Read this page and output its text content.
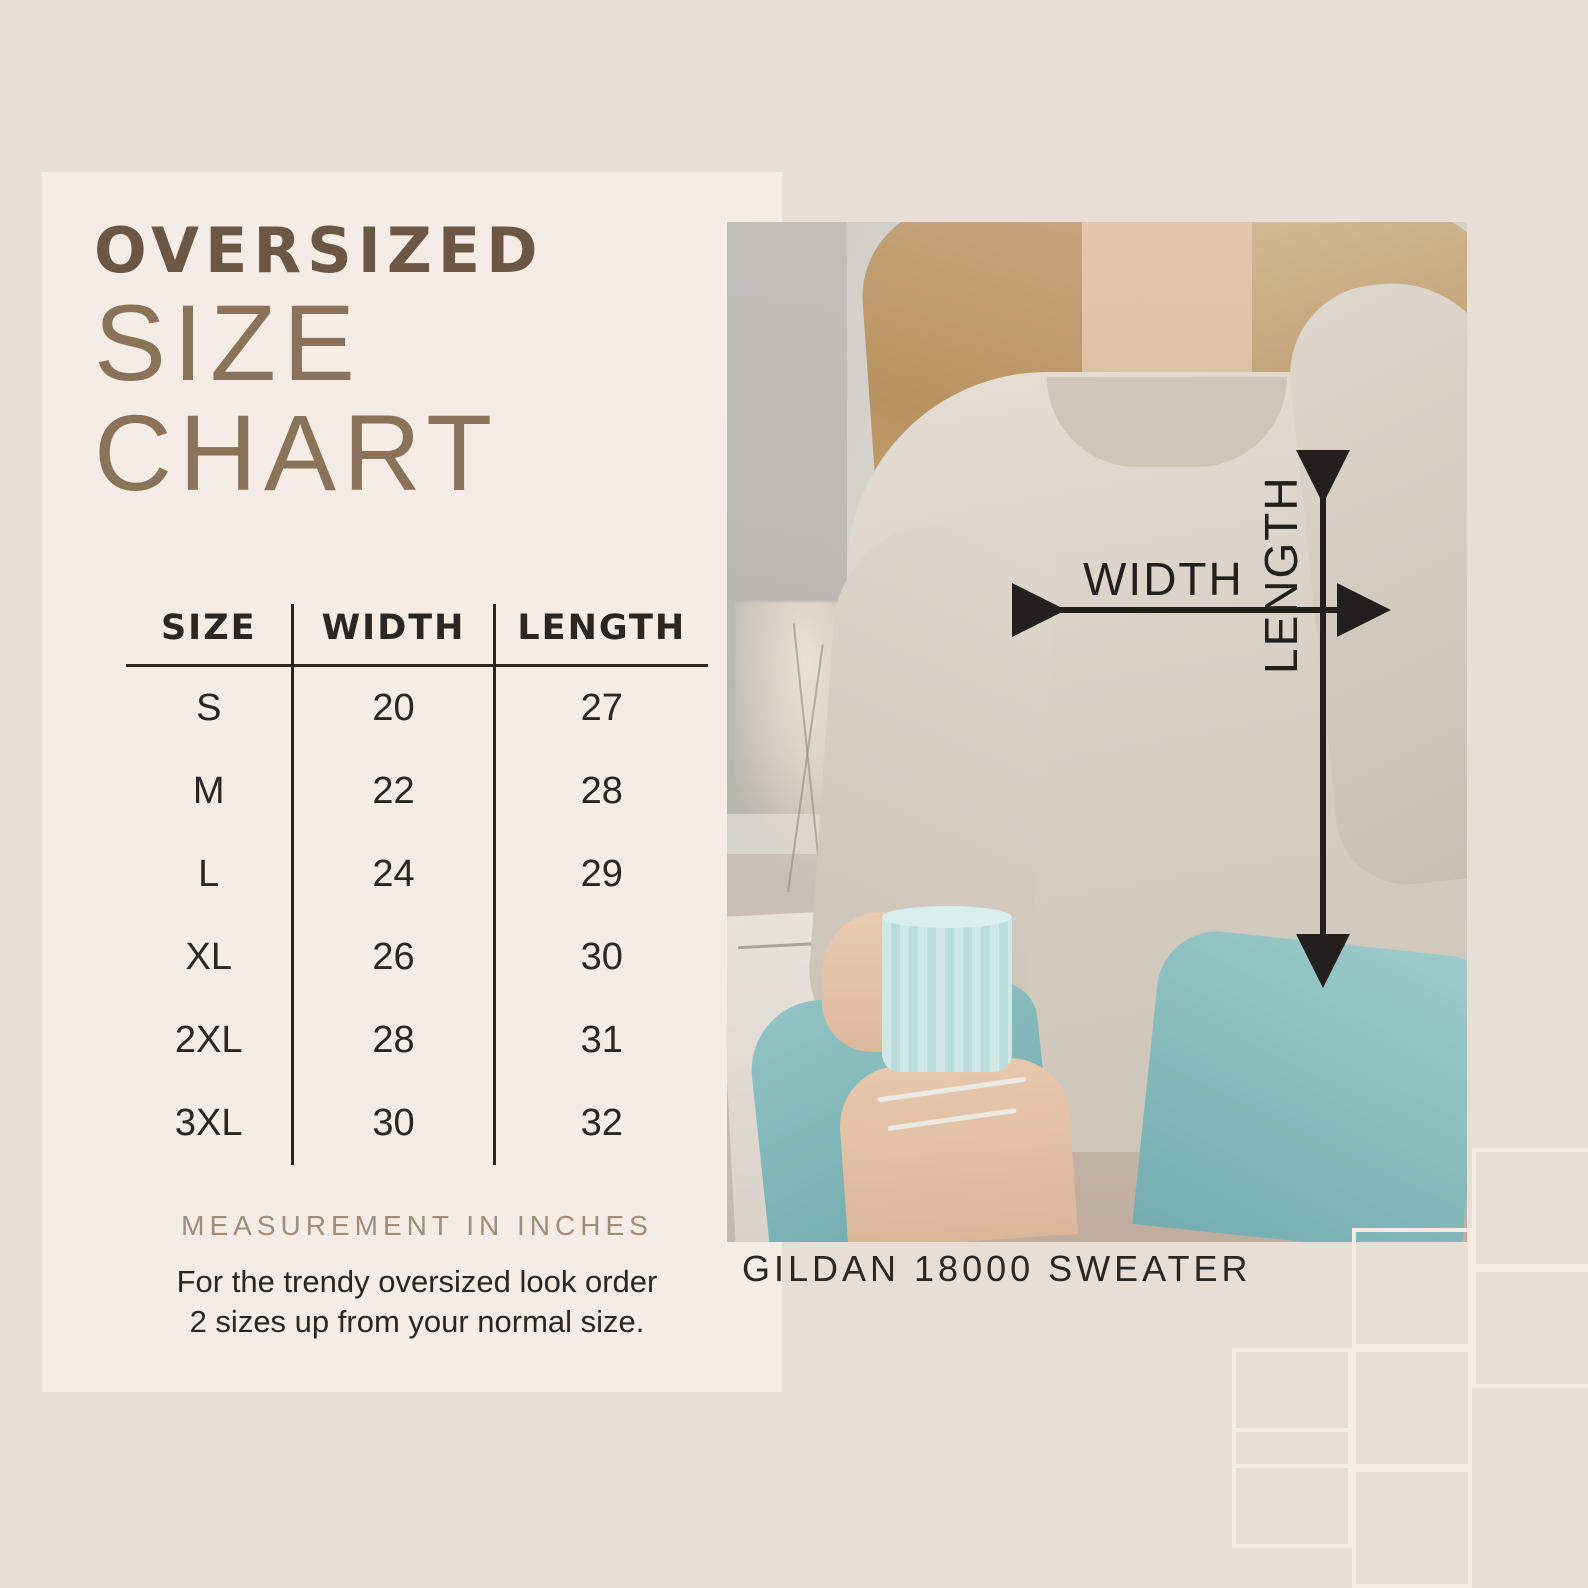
OVERSIZED
SIZE
CHART
SIZE	WIDTH	LENGTH
S	20	27
M	22	28
L	24	29
XL	26	30
2XL	28	31
3XL	30	32
MEASUREMENT IN INCHES
For the trendy oversized look order
2 sizes up from your normal size.
WIDTH LENGTH
GILDAN 18000 SWEATER
